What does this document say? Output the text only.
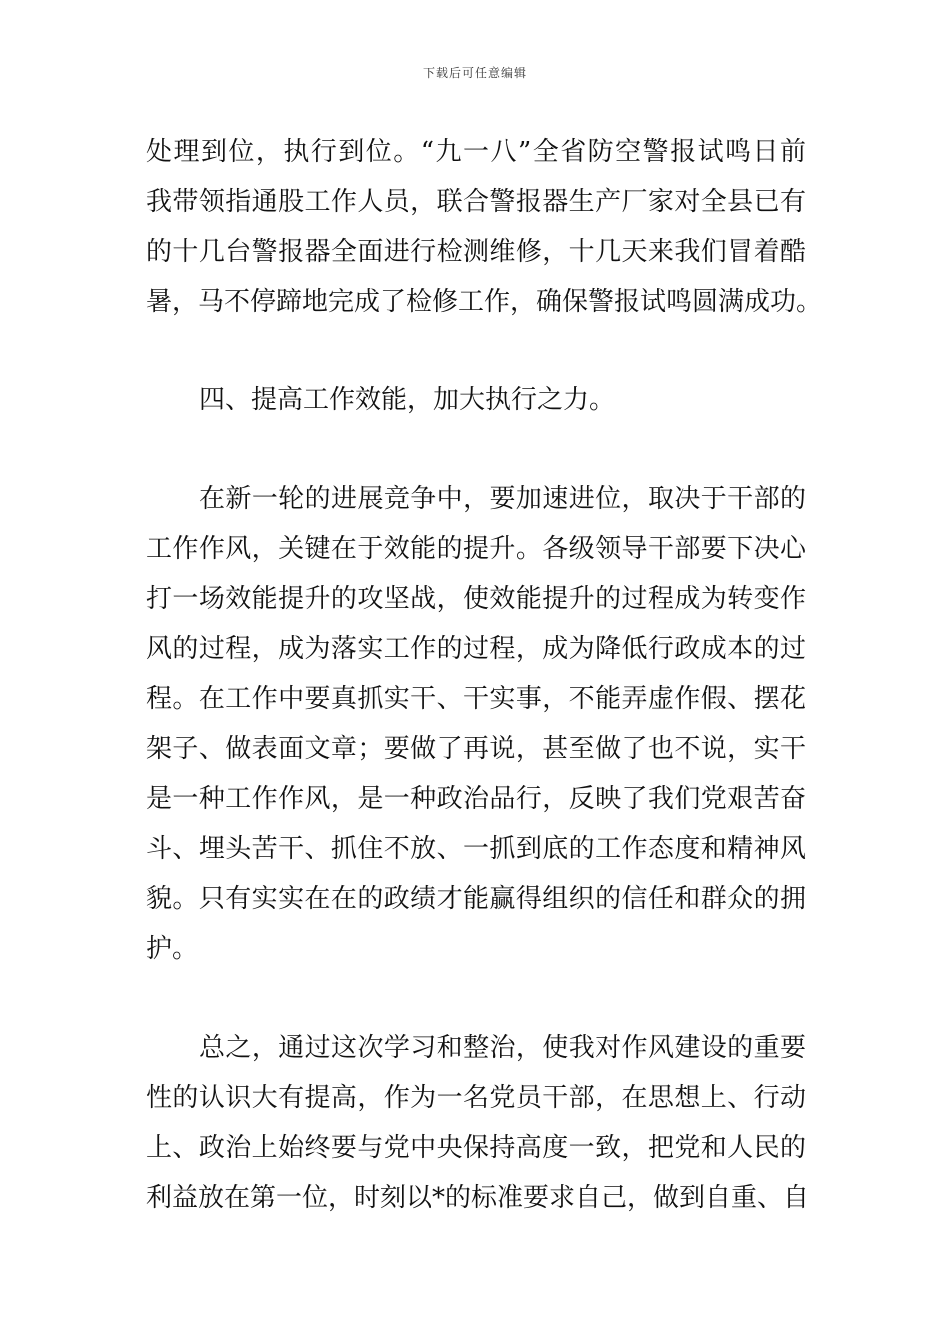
下载后可任意编辑
处理到位，执行到位。“九一八”全省防空警报试鸣日前
我带领指通股工作人员，联合警报器生产厂家对全县已有
的十几台警报器全面进行检测维修，十几天来我们冒着酷
暑，马不停蹄地完成了检修工作，确保警报试鸣圆满成功。
四、提高工作效能，加大执行之力。
在新一轮的进展竞争中，要加速进位，取决于干部的
工作作风，关键在于效能的提升。各级领导干部要下决心
打一场效能提升的攻坚战，使效能提升的过程成为转变作
风的过程，成为落实工作的过程，成为降低行政成本的过
程。在工作中要真抓实干、干实事，不能弄虚作假、摆花
架子、做表面文章；要做了再说，甚至做了也不说，实干
是一种工作作风，是一种政治品行，反映了我们党艰苦奋
斗、埋头苦干、抓住不放、一抓到底的工作态度和精神风
貌。只有实实在在的政绩才能赢得组织的信任和群众的拥
护。
总之，通过这次学习和整治，使我对作风建设的重要
性的认识大有提高，作为一名党员干部，在思想上、行动
上、政治上始终要与党中央保持高度一致，把党和人民的
利益放在第一位，时刻以*的标准要求自己，做到自重、自
